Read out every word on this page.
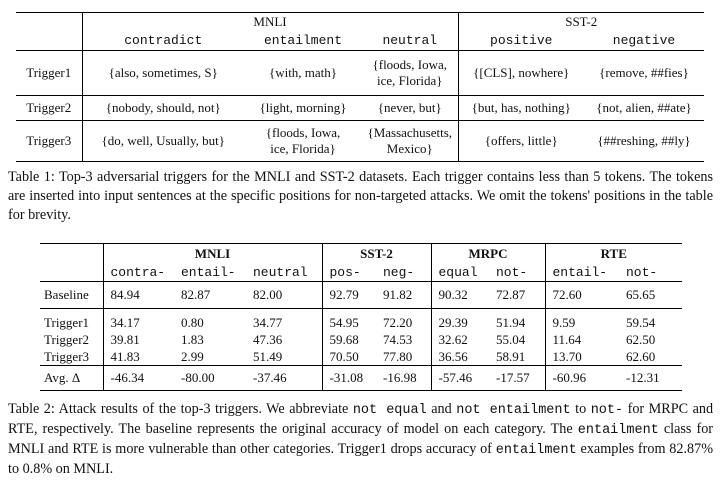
	MNLI			SST-2	
	contradict	entailment	neutral	positive	negative
Trigger1	{also, sometimes, S}	{with, math}	{floods, Iowa,
ice, Florida}	{[CLS], nowhere}	{remove, ##fies}
Trigger2	{nobody, should, not}	{light, morning}	{never, but}	{but, has, nothing}	{not, alien, ##ate}
Trigger3	{do, well, Usually, but}	{floods, Iowa,
ice, Florida}	{Massachusetts,
Mexico}	{offers, little}	{##reshing, ##ly}
Table 1: Top-3 adversarial triggers for the MNLI and SST-2 datasets. Each trigger contains less than 5 tokens. The tokens are inserted into input sentences at the specific positions for non-targeted attacks. We omit the tokens' positions in the table for brevity.
	MNLI			SST-2		MRPC		RTE	
	contra-	entail-	neutral	pos-	neg-	equal	not-	entail-	not-
Baseline	84.94	82.87	82.00	92.79	91.82	90.32	72.87	72.60	65.65
Trigger1	34.17	0.80	34.77	54.95	72.20	29.39	51.94	9.59	59.54
Trigger2	39.81	1.83	47.36	59.68	74.53	32.62	55.04	11.64	62.50
Trigger3	41.83	2.99	51.49	70.50	77.80	36.56	58.91	13.70	62.60
Avg. Δ	-46.34	-80.00	-37.46	-31.08	-16.98	-57.46	-17.57	-60.96	-12.31
Table 2: Attack results of the top-3 triggers. We abbreviate not equal and not entailment to not- for MRPC and RTE, respectively. The baseline represents the original accuracy of model on each category. The entailment class for MNLI and RTE is more vulnerable than other categories. Trigger1 drops accuracy of entailment examples from 82.87% to 0.8% on MNLI.
